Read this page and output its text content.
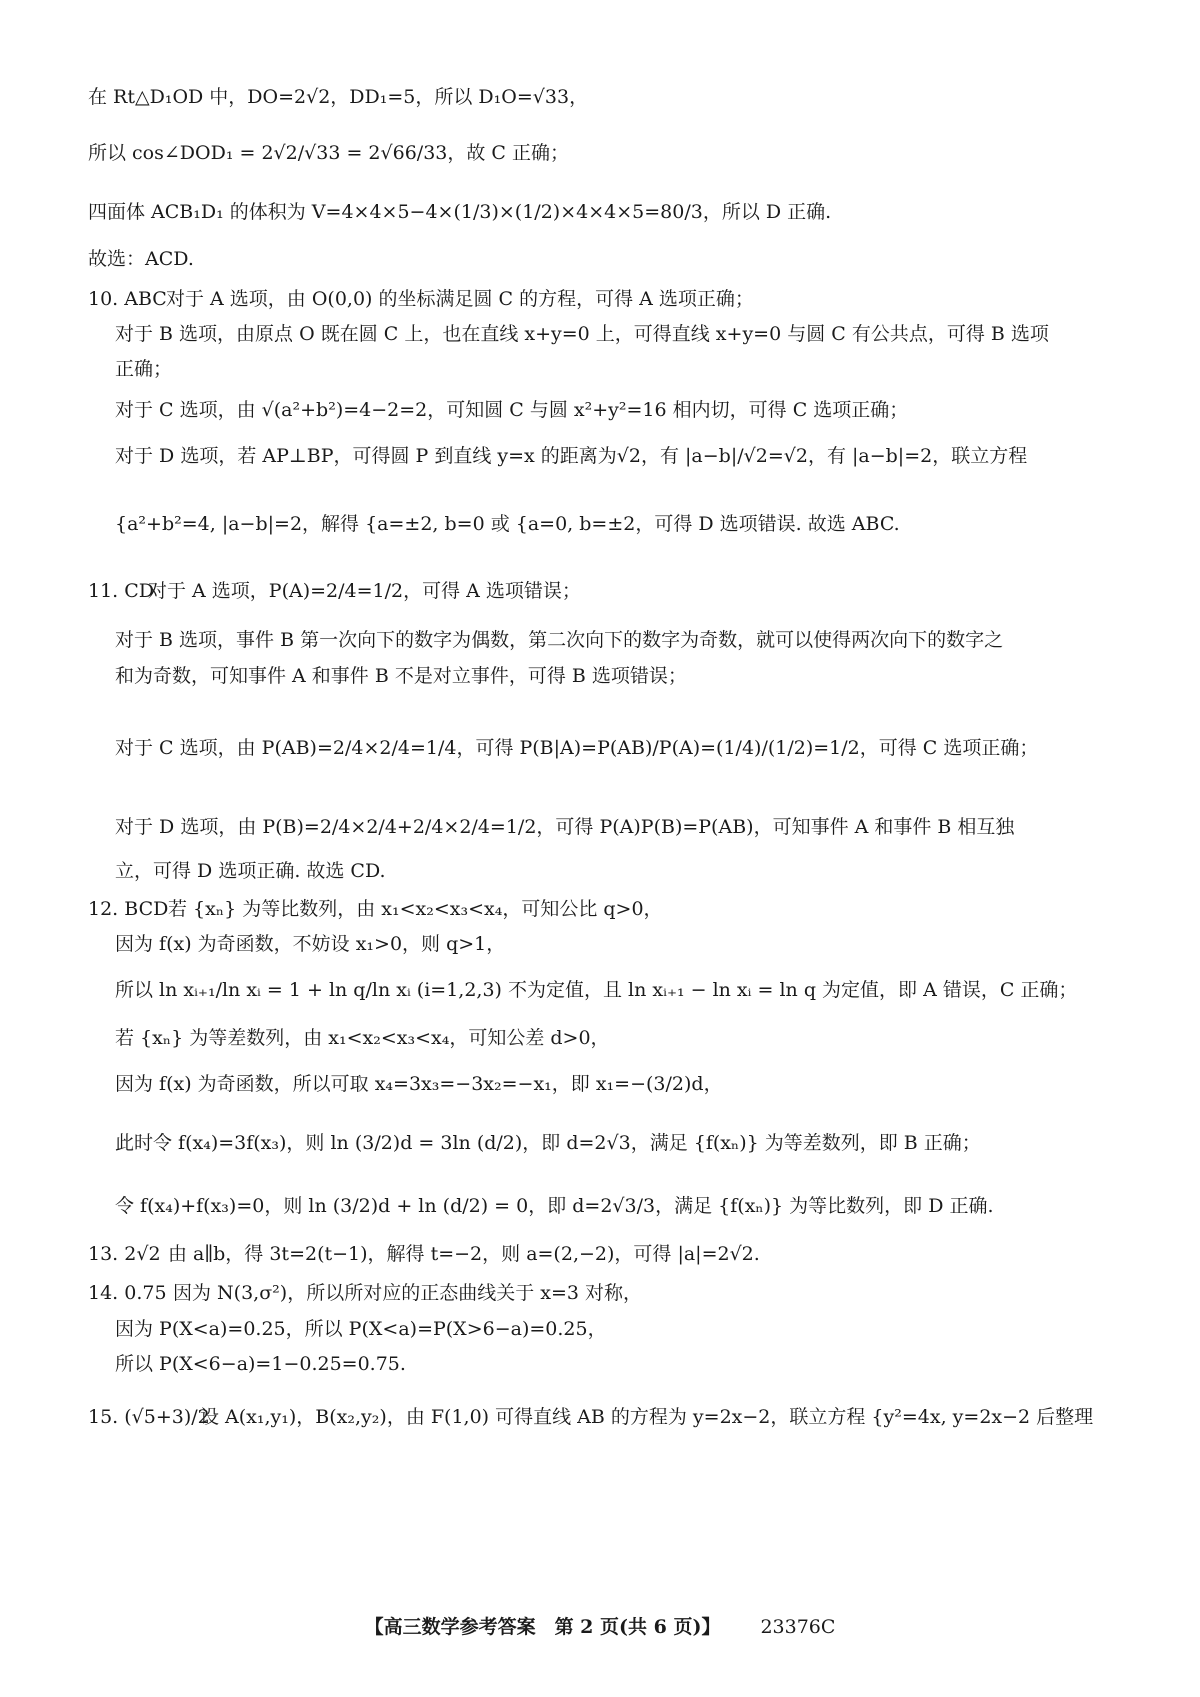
在 Rt△D₁OD 中，DO=2√2，DD₁=5，所以 D₁O=√33，
所以 cos∠DOD₁ = 2√2/√33 = 2√66/33，故 C 正确；
四面体 ACB₁D₁ 的体积为 V=4×4×5−4×(1/3)×(1/2)×4×4×5=80/3，所以 D 正确.
故选：ACD.
10. ABC对于 A 选项，由 O(0,0) 的坐标满足圆 C 的方程，可得 A 选项正确；
对于 B 选项，由原点 O 既在圆 C 上，也在直线 x+y=0 上，可得直线 x+y=0 与圆 C 有公共点，可得 B 选项
正确；
对于 C 选项，由 √(a²+b²)=4−2=2，可知圆 C 与圆 x²+y²=16 相内切，可得 C 选项正确；
对于 D 选项，若 AP⊥BP，可得圆 P 到直线 y=x 的距离为√2，有 |a−b|/√2=√2，有 |a−b|=2，联立方程
{a²+b²=4, |a−b|=2，解得 {a=±2, b=0 或 {a=0, b=±2，可得 D 选项错误. 故选 ABC.
11. CD对于 A 选项，P(A)=2/4=1/2，可得 A 选项错误；
对于 B 选项，事件 B 第一次向下的数字为偶数，第二次向下的数字为奇数，就可以使得两次向下的数字之
和为奇数，可知事件 A 和事件 B 不是对立事件，可得 B 选项错误；
对于 C 选项，由 P(AB)=2/4×2/4=1/4，可得 P(B|A)=P(AB)/P(A)=(1/4)/(1/2)=1/2，可得 C 选项正确；
对于 D 选项，由 P(B)=2/4×2/4+2/4×2/4=1/2，可得 P(A)P(B)=P(AB)，可知事件 A 和事件 B 相互独
立，可得 D 选项正确. 故选 CD.
12. BCD若 {xₙ} 为等比数列，由 x₁<x₂<x₃<x₄，可知公比 q>0，
因为 f(x) 为奇函数，不妨设 x₁>0，则 q>1，
所以 ln xᵢ₊₁/ln xᵢ = 1 + ln q/ln xᵢ (i=1,2,3) 不为定值，且 ln xᵢ₊₁ − ln xᵢ = ln q 为定值，即 A 错误，C 正确；
若 {xₙ} 为等差数列，由 x₁<x₂<x₃<x₄，可知公差 d>0，
因为 f(x) 为奇函数，所以可取 x₄=3x₃=−3x₂=−x₁，即 x₁=−(3/2)d，
此时令 f(x₄)=3f(x₃)，则 ln (3/2)d = 3ln (d/2)，即 d=2√3，满足 {f(xₙ)} 为等差数列，即 B 正确；
令 f(x₄)+f(x₃)=0，则 ln (3/2)d + ln (d/2) = 0，即 d=2√3/3，满足 {f(xₙ)} 为等比数列，即 D 正确.
13. 2√2 由 a∥b，得 3t=2(t−1)，解得 t=−2，则 a=(2,−2)，可得 |a|=2√2.
14. 0.75 因为 N(3,σ²)，所以所对应的正态曲线关于 x=3 对称，
因为 P(X<a)=0.25，所以 P(X<a)=P(X>6−a)=0.25，
所以 P(X<6−a)=1−0.25=0.75.
15. (√5+3)/2设 A(x₁,y₁)，B(x₂,y₂)，由 F(1,0) 可得直线 AB 的方程为 y=2x−2，联立方程 {y²=4x, y=2x−2 后整理
【高三数学参考答案　第 2 页(共 6 页)】 23376C
